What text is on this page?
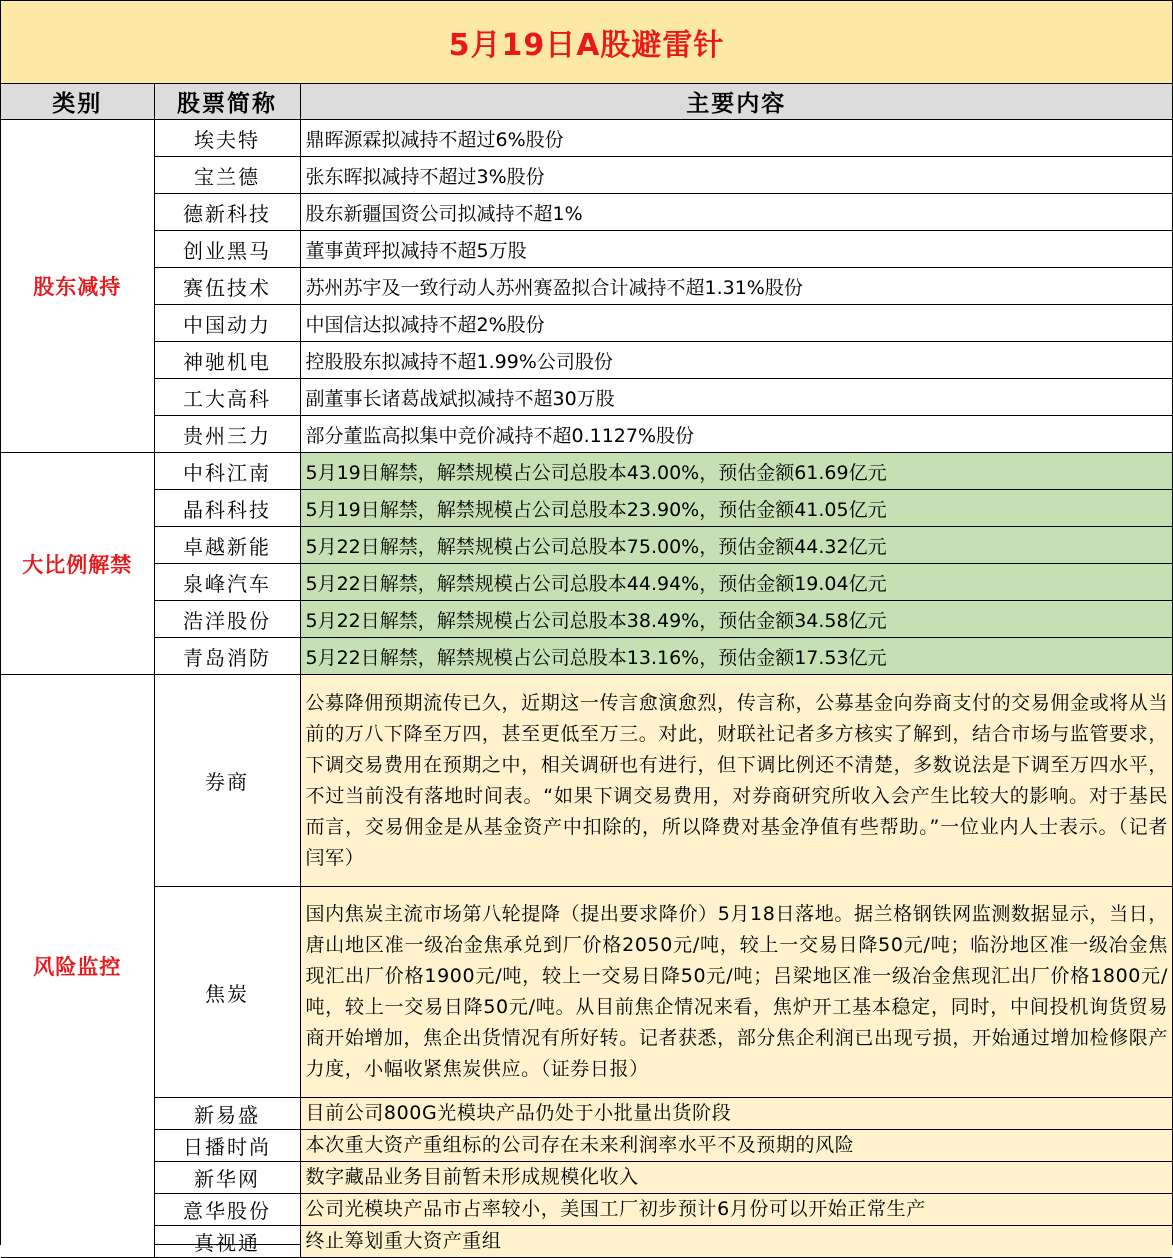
5月19日A股避雷针
类别	股票简称	主要内容
股东减持	埃夫特	鼎晖源霖拟减持不超过6%股份
	宝兰德	张东晖拟减持不超过3%股份
	德新科技	股东新疆国资公司拟减持不超1%
	创业黑马	董事黄玶拟减持不超5万股
	赛伍技术	苏州苏宇及一致行动人苏州赛盈拟合计减持不超1.31%股份
	中国动力	中国信达拟减持不超2%股份
	神驰机电	控股股东拟减持不超1.99%公司股份
	工大高科	副董事长诸葛战斌拟减持不超30万股
	贵州三力	部分董监高拟集中竞价减持不超0.1127%股份
大比例解禁	中科江南	5月19日解禁，解禁规模占公司总股本43.00%，预估金额61.69亿元
	晶科科技	5月19日解禁，解禁规模占公司总股本23.90%，预估金额41.05亿元
	卓越新能	5月22日解禁，解禁规模占公司总股本75.00%，预估金额44.32亿元
	泉峰汽车	5月22日解禁，解禁规模占公司总股本44.94%，预估金额19.04亿元
	浩洋股份	5月22日解禁，解禁规模占公司总股本38.49%，预估金额34.58亿元
	青岛消防	5月22日解禁，解禁规模占公司总股本13.16%，预估金额17.53亿元
风险监控	券商	公募降佣预期流传已久，近期这一传言愈演愈烈，传言称，公募基金向券商支付的交易佣金或将从当前的万八下降至万四，甚至更低至万三。对此，财联社记者多方核实了解到，结合市场与监管要求，下调交易费用在预期之中，相关调研也有进行，但下调比例还不清楚，多数说法是下调至万四水平，不过当前没有落地时间表。“如果下调交易费用，对券商研究所收入会产生比较大的影响。对于基民而言，交易佣金是从基金资产中扣除的，所以降费对基金净值有些帮助。”一位业内人士表示。（记者 闫军）
	焦炭	国内焦炭主流市场第八轮提降（提出要求降价）5月18日落地。据兰格钢铁网监测数据显示，当日，唐山地区准一级冶金焦承兑到厂价格2050元/吨，较上一交易日降50元/吨；临汾地区准一级冶金焦现汇出厂价格1900元/吨，较上一交易日降50元/吨；吕梁地区准一级冶金焦现汇出厂价格1800元/吨，较上一交易日降50元/吨。从目前焦企情况来看，焦炉开工基本稳定，同时，中间投机询货贸易商开始增加，焦企出货情况有所好转。记者获悉，部分焦企利润已出现亏损，开始通过增加检修限产力度，小幅收紧焦炭供应。（证券日报）
	新易盛	目前公司800G光模块产品仍处于小批量出货阶段
	日播时尚	本次重大资产重组标的公司存在未来利润率水平不及预期的风险
	新华网	数字藏品业务目前暂未形成规模化收入
	意华股份	公司光模块产品市占率较小，美国工厂初步预计6月份可以开始正常生产
	真视通	终止筹划重大资产重组
